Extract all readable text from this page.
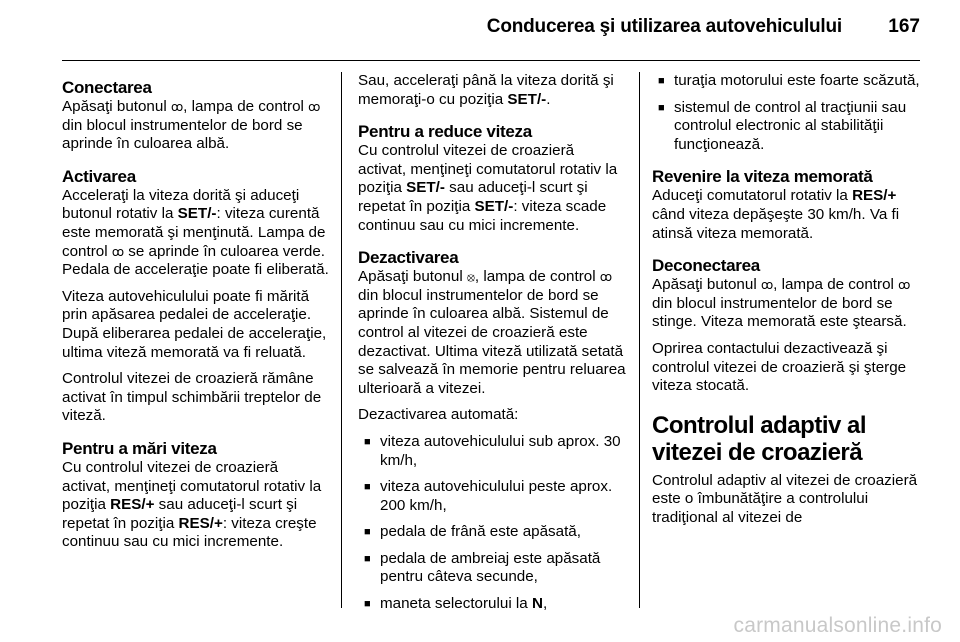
Conducerea şi utilizarea autovehiculului 167
Conectarea

Apăsaţi butonul ꝏ, lampa de control ꝏ din blocul instrumentelor de bord se aprinde în culoarea albă.

Activarea

Acceleraţi la viteza dorită şi aduceţi butonul rotativ la SET/-: viteza curentă este memorată şi menţinută. Lampa de control ꝏ se aprinde în culoarea verde. Pedala de acceleraţie poate fi eliberată.

Viteza autovehiculului poate fi mărită prin apăsarea pedalei de acceleraţie. După eliberarea pedalei de acceleraţie, ultima viteză memorată va fi reluată.

Controlul vitezei de croazieră rămâne activat în timpul schimbării treptelor de viteză.

Pentru a mări viteza

Cu controlul vitezei de croazieră activat, menţineţi comutatorul rotativ la poziţia RES/+ sau aduceţi-l scurt şi repetat în poziţia RES/+: viteza creşte continuu sau cu mici incremente.

Sau, acceleraţi până la viteza dorită şi memoraţi-o cu poziţia SET/-.

Pentru a reduce viteza

Cu controlul vitezei de croazieră activat, menţineţi comutatorul rotativ la poziţia SET/- sau aduceţi-l scurt şi repetat în poziţia SET/-: viteza scade continuu sau cu mici incremente.

Dezactivarea

Apăsaţi butonul ⦻, lampa de control ꝏ din blocul instrumentelor de bord se aprinde în culoarea albă. Sistemul de control al vitezei de croazieră este dezactivat. Ultima viteză utilizată setată se salvează în memorie pentru reluarea ulterioară a vitezei.

Dezactivarea automată:

■ viteza autovehiculului sub aprox. 30 km/h,
■ viteza autovehiculului peste aprox. 200 km/h,
■ pedala de frână este apăsată,
■ pedala de ambreiaj este apăsată pentru câteva secunde,
■ maneta selectorului la N,
■ turaţia motorului este foarte scăzută,
■ sistemul de control al tracţiunii sau controlul electronic al stabilităţii funcţionează.
Revenire la viteza memorată

Aduceţi comutatorul rotativ la RES/+ când viteza depăşeşte 30 km/h. Va fi atinsă viteza memorată.

Deconectarea

Apăsaţi butonul ꝏ, lampa de control ꝏ din blocul instrumentelor de bord se stinge. Viteza memorată este ştearsă.

Oprirea contactului dezactivează şi controlul vitezei de croazieră şi şterge viteza stocată.

Controlul adaptiv al vitezei de croazieră

Controlul adaptiv al vitezei de croazieră este o îmbunătăţire a controlului tradiţional al vitezei de

carmanualsonline.info
